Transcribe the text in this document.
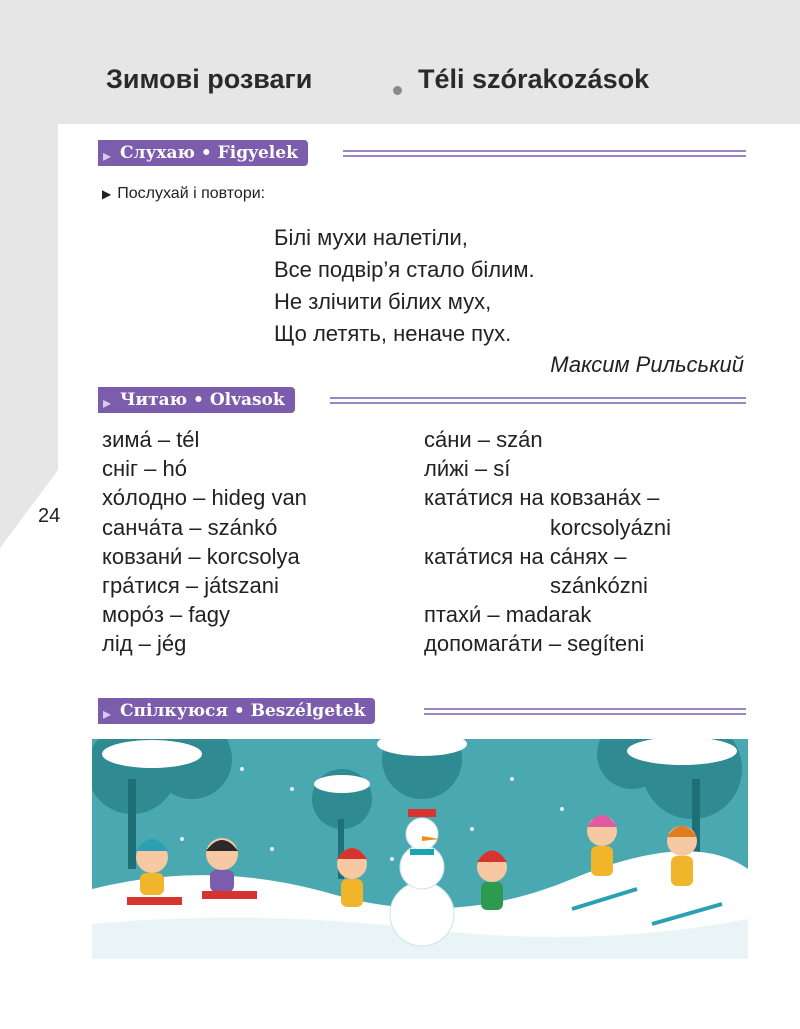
Зимові розваги	Téli szórakozások
24
▸ Слухаю • Figyelek
▶ Послухай і повтори:
Білі мухи налетіли,
Все подвір’я стало білим.
Не злічити білих мух,
Що летять, неначе пух.
Максим Рильський
▸ Читаю • Olvasok
зима́ – tél
сніг – hó
хо́лодно – hideg van
санча́та – szánkó
ковзани́ – korcsolya
гра́тися – játszani
моро́з – fagy
лід – jég
са́ни – szán
ли́жі – sí
ката́тися на ковзана́х –
korcsolyázni
ката́тися на са́нях –
szánkózni
птахи́ – madarak
допомага́ти – segíteni
▸ Спілкуюся • Beszélgetek
